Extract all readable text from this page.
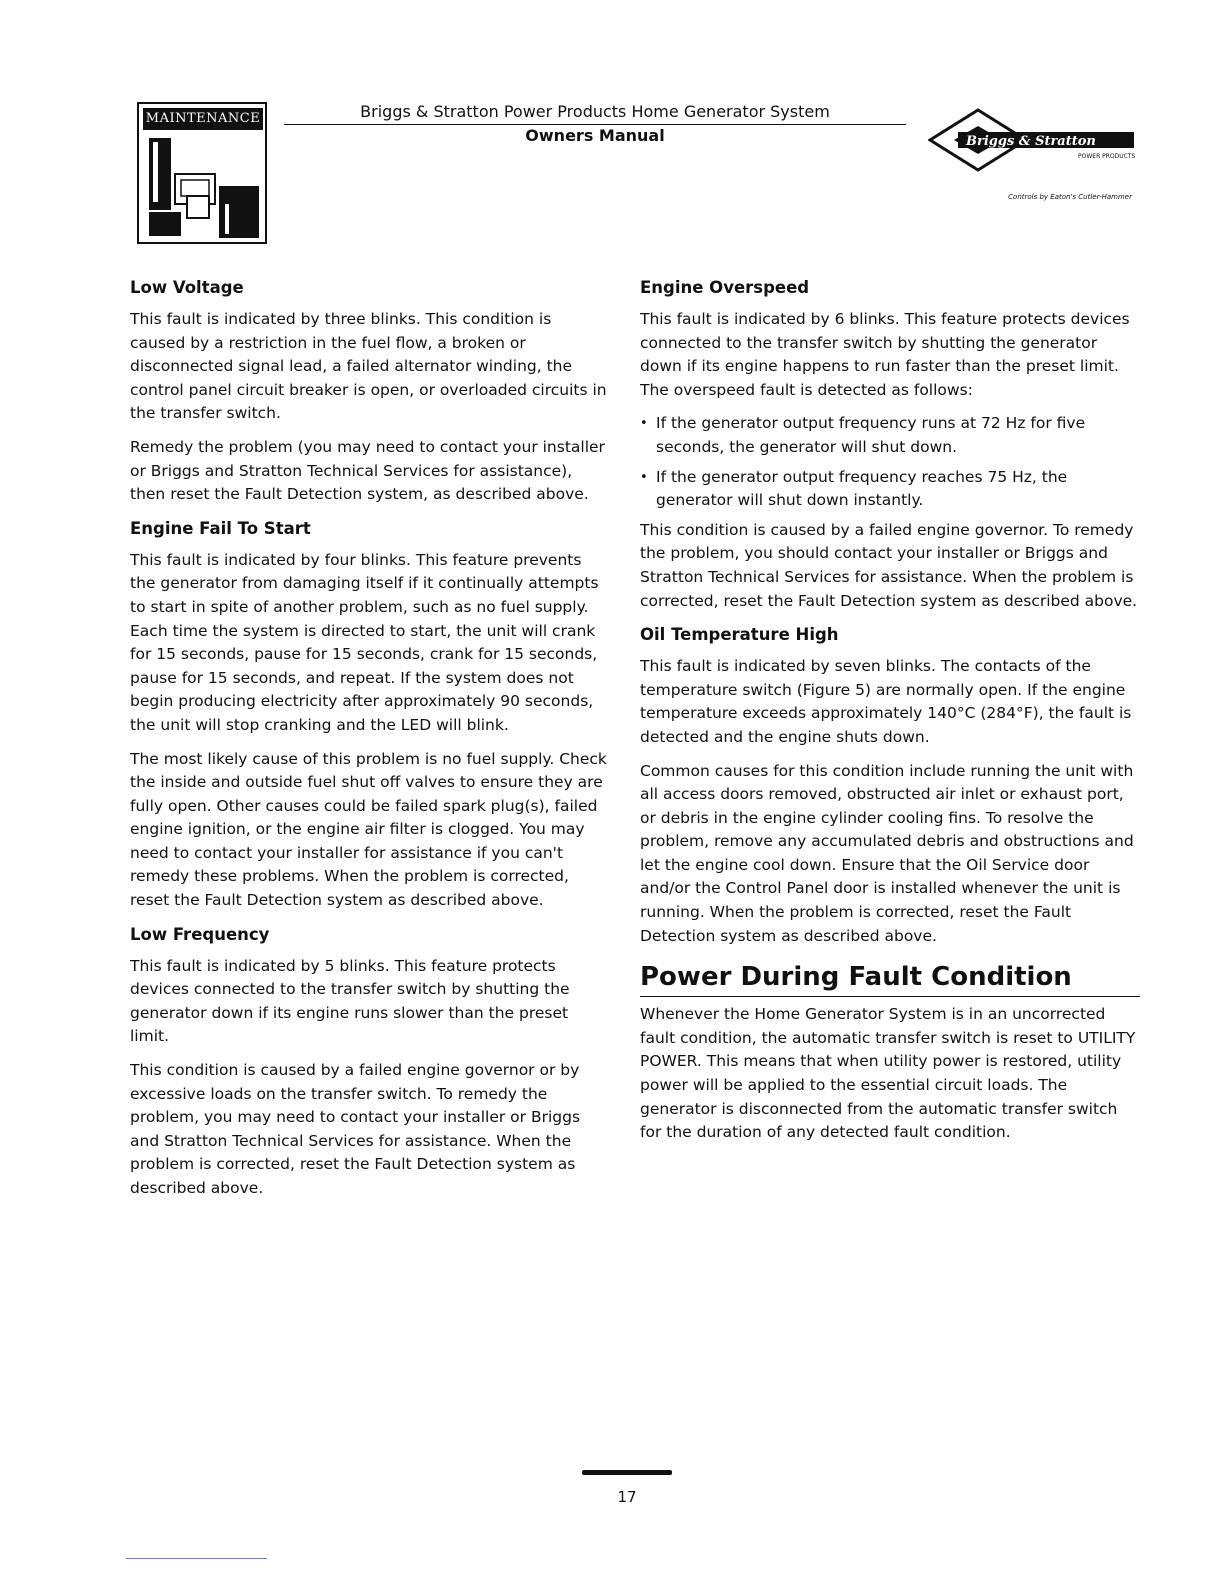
MAINTENANCE	Briggs & Stratton Power Products Home Generator System
Owners Manual	Briggs & Stratton
POWER PRODUCTS
Controls by Eaton's Cutler-Hammer
Low Voltage

This fault is indicated by three blinks. This condition is caused by a restriction in the fuel flow, a broken or disconnected signal lead, a failed alternator winding, the control panel circuit breaker is open, or overloaded circuits in the transfer switch.

Remedy the problem (you may need to contact your installer or Briggs and Stratton Technical Services for assistance), then reset the Fault Detection system, as described above.

Engine Fail To Start

This fault is indicated by four blinks. This feature prevents the generator from damaging itself if it continually attempts to start in spite of another problem, such as no fuel supply. Each time the system is directed to start, the unit will crank for 15 seconds, pause for 15 seconds, crank for 15 seconds, pause for 15 seconds, and repeat. If the system does not begin producing electricity after approximately 90 seconds, the unit will stop cranking and the LED will blink.

The most likely cause of this problem is no fuel supply. Check the inside and outside fuel shut off valves to ensure they are fully open. Other causes could be failed spark plug(s), failed engine ignition, or the engine air filter is clogged. You may need to contact your installer for assistance if you can't remedy these problems. When the problem is corrected, reset the Fault Detection system as described above.

Low Frequency

This fault is indicated by 5 blinks. This feature protects devices connected to the transfer switch by shutting the generator down if its engine runs slower than the preset limit.

This condition is caused by a failed engine governor or by excessive loads on the transfer switch. To remedy the problem, you may need to contact your installer or Briggs and Stratton Technical Services for assistance. When the problem is corrected, reset the Fault Detection system as described above.

Engine Overspeed

This fault is indicated by 6 blinks. This feature protects devices connected to the transfer switch by shutting the generator down if its engine happens to run faster than the preset limit. The overspeed fault is detected as follows:

• If the generator output frequency runs at 72 Hz for five seconds, the generator will shut down.
• If the generator output frequency reaches 75 Hz, the generator will shut down instantly.

This condition is caused by a failed engine governor. To remedy the problem, you should contact your installer or Briggs and Stratton Technical Services for assistance. When the problem is corrected, reset the Fault Detection system as described above.

Oil Temperature High

This fault is indicated by seven blinks. The contacts of the temperature switch (Figure 5) are normally open. If the engine temperature exceeds approximately 140°C (284°F), the fault is detected and the engine shuts down.

Common causes for this condition include running the unit with all access doors removed, obstructed air inlet or exhaust port, or debris in the engine cylinder cooling fins. To resolve the problem, remove any accumulated debris and obstructions and let the engine cool down. Ensure that the Oil Service door and/or the Control Panel door is installed whenever the unit is running. When the problem is corrected, reset the Fault Detection system as described above.

Power During Fault Condition

Whenever the Home Generator System is in an uncorrected fault condition, the automatic transfer switch is reset to UTILITY POWER. This means that when utility power is restored, utility power will be applied to the essential circuit loads. The generator is disconnected from the automatic transfer switch for the duration of any detected fault condition.

17
